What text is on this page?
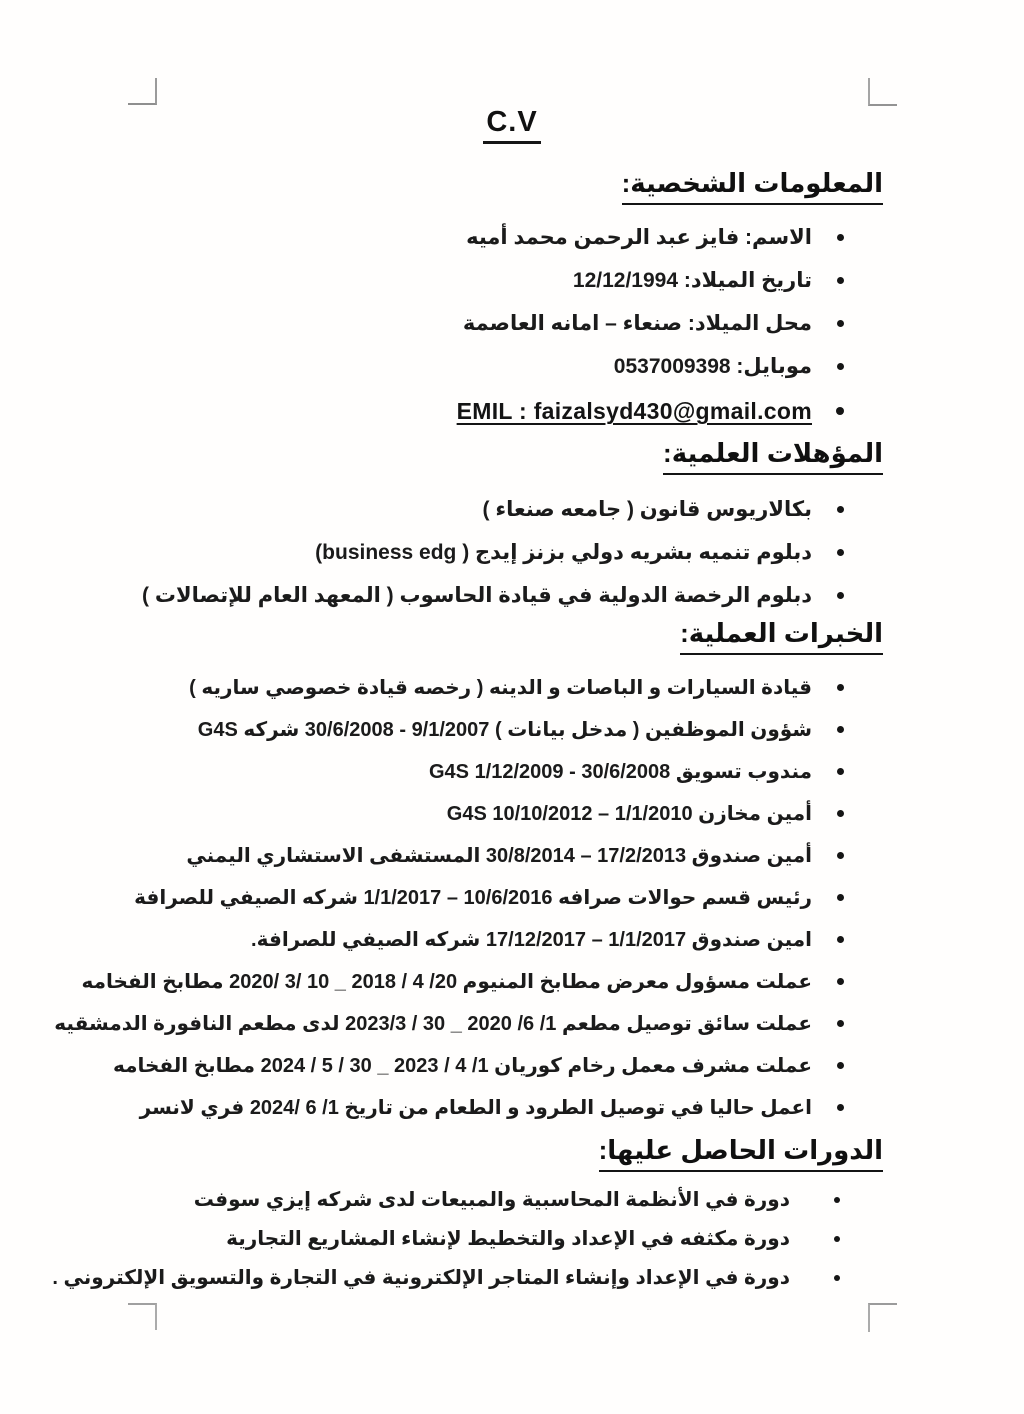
C.V
المعلومات الشخصية:
الاسم: فايز عبد الرحمن محمد أميه
تاريخ الميلاد: 12/12/1994
محل الميلاد: صنعاء – امانه العاصمة
موبايل: 0537009398
EMIL : faizalsyd430@gmail.com
المؤهلات العلمية:
بكالاريوس قانون ( جامعه صنعاء )
دبلوم تنميه بشريه دولي بزنز إيدج ( business edg)
دبلوم الرخصة الدولية في قيادة الحاسوب ( المعهد العام للإتصالات )
الخبرات العملية:
قيادة السيارات و الباصات و الدينه ( رخصه قيادة خصوصي ساريه )
شؤون الموظفين ( مدخل بيانات ) 9/1/2007 - 30/6/2008 شركه G4S
مندوب تسويق 30/6/2008 - 1/12/2009 G4S
أمين مخازن 1/1/2010 – 10/10/2012 G4S
أمين صندوق 17/2/2013 – 30/8/2014 المستشفى الاستشاري اليمني
رئيس قسم حوالات صرافه 10/6/2016 – 1/1/2017 شركه الصيفي للصرافة
امين صندوق 1/1/2017 – 17/12/2017 شركه الصيفي للصرافة.
عملت مسؤول معرض مطابخ المنيوم 20/ 4 / 2018 _ 10 /3 /2020 مطابخ الفخامه
عملت سائق توصيل مطعم 1/ 6/ 2020 _ 30 / 2023/3 لدى مطعم النافورة الدمشقيه
عملت مشرف معمل رخام كوريان 1/ 4 / 2023 _ 30 / 5 / 2024 مطابخ الفخامه
اعمل حاليا في توصيل الطرود و الطعام من تاريخ 1/ 6 /2024 فري لانسر
الدورات الحاصل عليها:
دورة في الأنظمة المحاسبية والمبيعات لدى شركه إيزي سوفت
دورة مكثفه في الإعداد والتخطيط لإنشاء المشاريع التجارية
دورة في الإعداد وإنشاء المتاجر الإلكترونية في التجارة والتسويق الإلكتروني .
